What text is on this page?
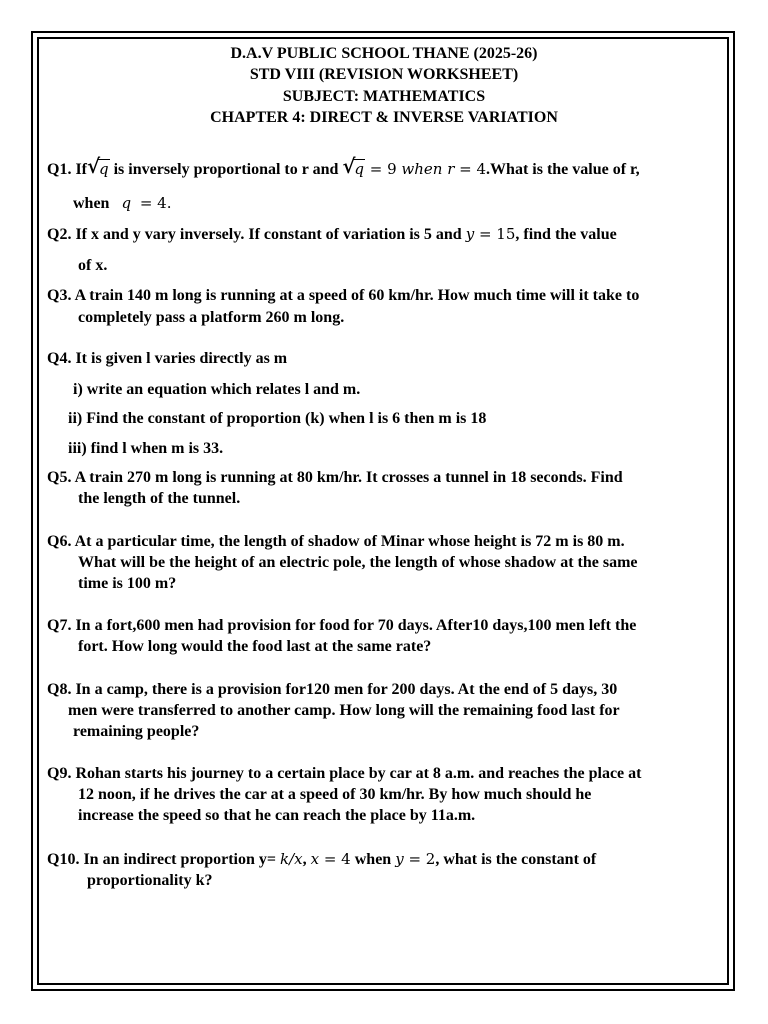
D.A.V PUBLIC SCHOOL THANE (2025-26)
STD VIII (REVISION WORKSHEET)
SUBJECT: MATHEMATICS
CHAPTER 4: DIRECT & INVERSE VARIATION
Q1. If√ q is inversely proportional to r and √ q = 9 when r = 4.What is the value of r,
when   q  = 4.
Q2. If x and y vary inversely. If constant of variation is 5 and y = 15, find the value
of x.
Q3. A train 140 m long is running at a speed of 60 km/hr. How much time will it take to
completely pass a platform 260 m long.
Q4. It is given l varies directly as m
i) write an equation which relates l and m.
ii) Find the constant of proportion (k) when l is 6 then m is 18
iii) find l when m is 33.
Q5. A train 270 m long is running at 80 km/hr. It crosses a tunnel in 18 seconds. Find
the length of the tunnel.
Q6. At a particular time, the length of shadow of Minar whose height is 72 m is 80 m.
What will be the height of an electric pole, the length of whose shadow at the same
time is 100 m?
Q7. In a fort,600 men had provision for food for 70 days. After10 days,100 men left the
fort. How long would the food last at the same rate?
Q8. In a camp, there is a provision for120 men for 200 days. At the end of 5 days, 30
men were transferred to another camp. How long will the remaining food last for
remaining people?
Q9. Rohan starts his journey to a certain place by car at 8 a.m. and reaches the place at
12 noon, if he drives the car at a speed of 30 km/hr. By how much should he
increase the speed so that he can reach the place by 11a.m.
Q10. In an indirect proportion y= k/x, x = 4 when y = 2, what is the constant of
proportionality k?
